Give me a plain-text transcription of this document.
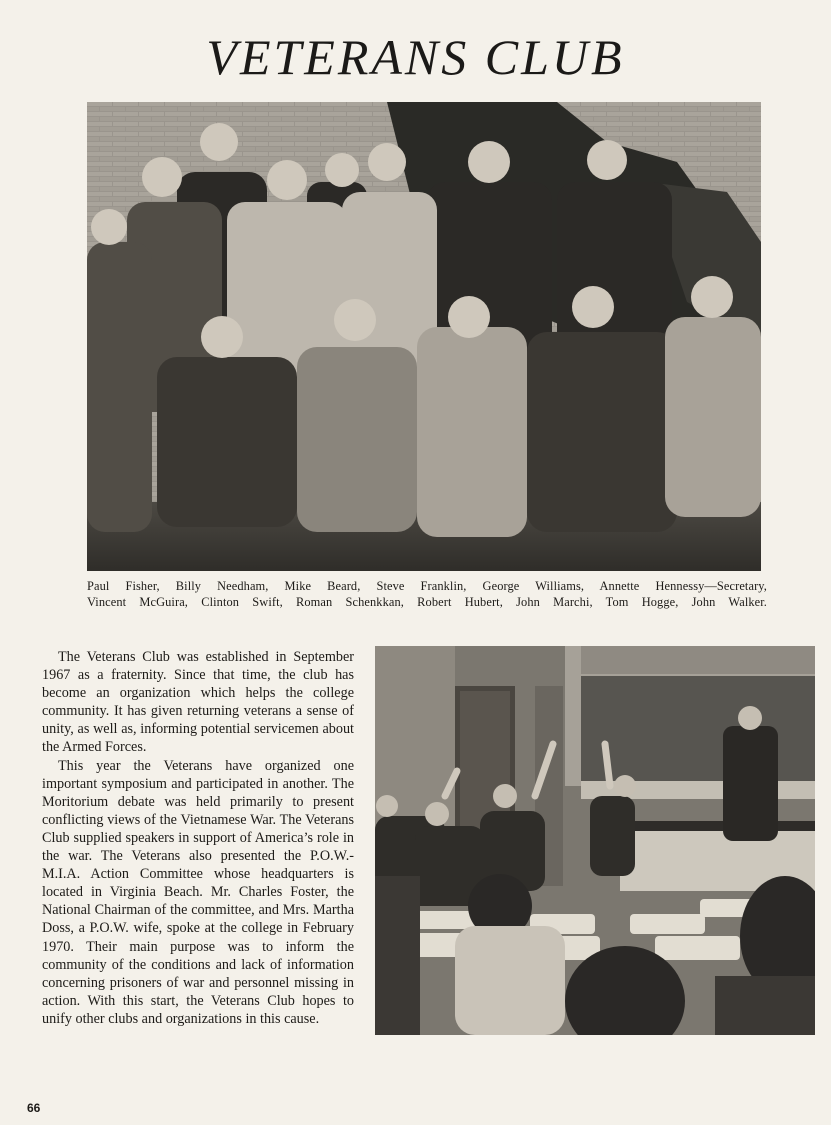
VETERANS CLUB
Paul Fisher, Billy Needham, Mike Beard, Steve Franklin, George Williams, Annette Hennessy—Secretary,
Vincent McGuira, Clinton Swift, Roman Schenkkan, Robert Hubert, John Marchi, Tom Hogge, John Walker.

The Veterans Club was established in September 1967 as a fraternity. Since that time, the club has become an organization which helps the college community. It has given returning veterans a sense of unity, as well as, informing potential servicemen about the Armed Forces.

This year the Veterans have organized one important symposium and participated in another. The Moritorium debate was held primarily to present conflicting views of the Vietnamese War. The Veterans Club supplied speakers in support of America’s role in the war. The Veterans also presented the P.O.W.-M.I.A. Action Committee whose headquarters is located in Virginia Beach. Mr. Charles Foster, the National Chairman of the committee, and Mrs. Martha Doss, a P.O.W. wife, spoke at the college in February 1970. Their main purpose was to inform the community of the conditions and lack of information concerning prisoners of war and personnel missing in action. With this start, the Veterans Club hopes to unify other clubs and organizations in this cause.

66
